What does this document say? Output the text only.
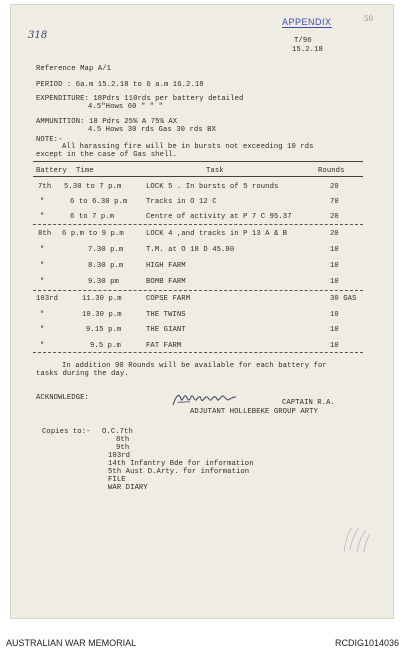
318
APPENDIX	50
T/96
15.2.18
Reference Map A/1
PERIOD : 6a.m 15.2.18 to 6 a.m 16.2.18
EXPENDITURE: 18Pdrs 110rds per battery detailed
4.5"Hows 60 " " "
AMMUNITION: 18 Pdrs 25% A 75% AX
4.5 Hows 30 rds Gas 30 rds BX
NOTE:-
All harassing fire will be in bursts not exceeding 10 rds
except in the case of Gas shell.
Battery Time	Task	Rounds
7th 5.30 to 7 p.m	LOCK 5 . In bursts of 5 rounds	20
"	6 to 6.30 p.m	Tracks in O 12 C	70
"	6 to 7 p.m	Centre of activity at P 7 C 95.37	20
8th 6 p.m to 9 p.m	LOCK 4 ,and tracks in P 13 A & B	20
"	7.30 p.m	T.M. at O 18 D 45.80	10
"	8.30 p.m	HIGH FARM	10
"	9.30 pm	BOMB FARM	10
103rd	11.30 p.m	COPSE FARM	30 GAS
"	10.30 p.m	THE TWINS	10
"	9.15 p.m	THE GIANT	10
"	9.5 p.m	FAT FARM	10
In addition 90 Rounds will be available for each battery for
tasks during the day.
ACKNOWLEDGE:
CAPTAIN R.A.
ADJUTANT HOLLEBEKE GROUP ARTY
Copies to:- O.C.7th
8th
9th
103rd
14th Infantry Bde for information
5th Aust D.Arty. for information
FILE
WAR DIARY
AUSTRALIAN WAR MEMORIAL	RCDIG1014036
